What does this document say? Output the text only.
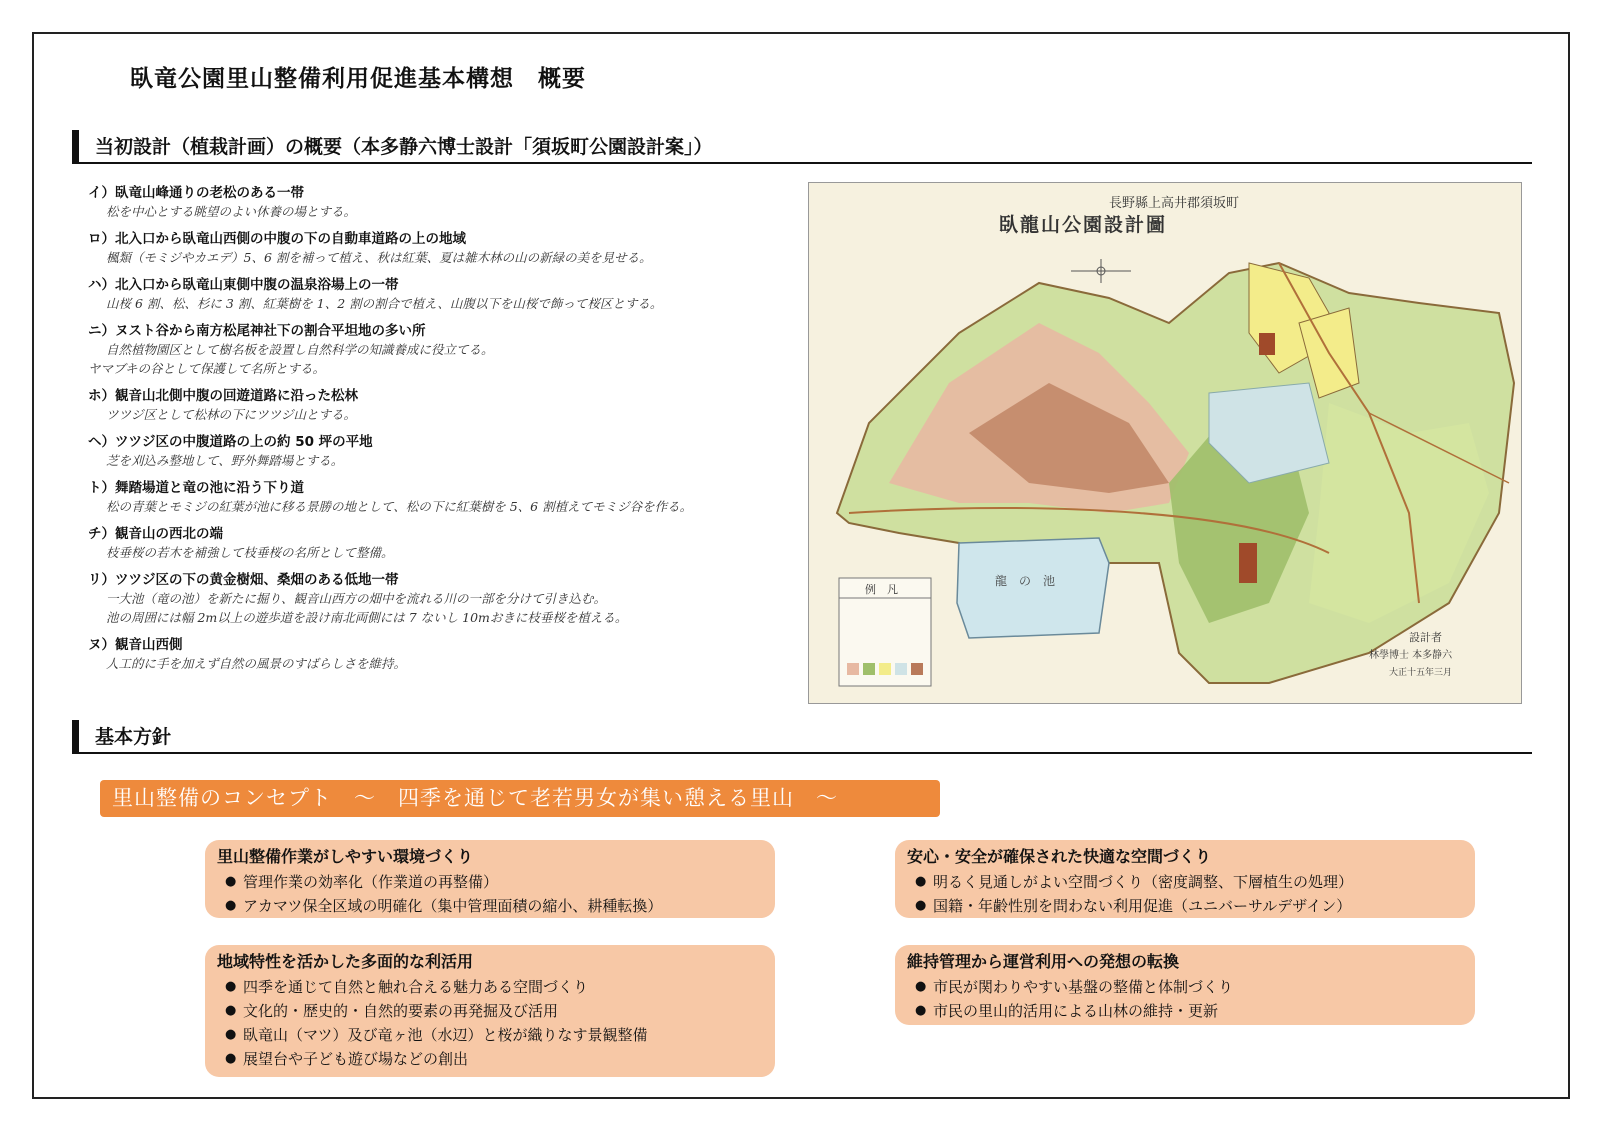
臥竜公園里山整備利用促進基本構想　概要
当初設計（植栽計画）の概要（本多静六博士設計「須坂町公園設計案」）
イ）臥竜山峰通りの老松のある一帯
松を中心とする眺望のよい休養の場とする。
ロ）北入口から臥竜山西側の中腹の下の自動車道路の上の地域
楓類（モミジやカエデ）5、6 割を補って植え、秋は紅葉、夏は雑木林の山の新緑の美を見せる。
ハ）北入口から臥竜山東側中腹の温泉浴場上の一帯
山桜 6 割、松、杉に 3 割、紅葉樹を 1、2 割の割合で植え、山腹以下を山桜で飾って桜区とする。
ニ）ヌスト谷から南方松尾神社下の割合平坦地の多い所
自然植物園区として樹名板を設置し自然科学の知識養成に役立てる。
ヤマブキの谷として保護して名所とする。
ホ）観音山北側中腹の回遊道路に沿った松林
ツツジ区として松林の下にツツジ山とする。
ヘ）ツツジ区の中腹道路の上の約 50 坪の平地
芝を刈込み整地して、野外舞踏場とする。
ト）舞踏場道と竜の池に沿う下り道
松の青葉とモミジの紅葉が池に移る景勝の地として、松の下に紅葉樹を 5、6 割植えてモミジ谷を作る。
チ）観音山の西北の端
枝垂桜の若木を補強して枝垂桜の名所として整備。
リ）ツツジ区の下の黄金樹畑、桑畑のある低地一帯
一大池（竜の池）を新たに掘り、観音山西方の畑中を流れる川の一部を分けて引き込む。
池の周囲には幅 2m以上の遊歩道を設け南北両側には 7 ないし 10mおきに枝垂桜を植える。
ヌ）観音山西側
人工的に手を加えず自然の風景のすばらしさを維持。
長野縣上高井郡須坂町
臥龍山公園設計圖
龍　の　池
例　凡
設計者
林學博士 本多静六
大正十五年三月
基本方針
里山整備のコンセプト　～　四季を通じて老若男女が集い憩える里山　～
里山整備作業がしやすい環境づくり
● 管理作業の効率化（作業道の再整備）
● アカマツ保全区域の明確化（集中管理面積の縮小、耕種転換）
地域特性を活かした多面的な利活用
● 四季を通じて自然と触れ合える魅力ある空間づくり
● 文化的・歴史的・自然的要素の再発掘及び活用
● 臥竜山（マツ）及び竜ヶ池（水辺）と桜が織りなす景観整備
● 展望台や子ども遊び場などの創出
安心・安全が確保された快適な空間づくり
● 明るく見通しがよい空間づくり（密度調整、下層植生の処理）
● 国籍・年齢性別を問わない利用促進（ユニバーサルデザイン）
維持管理から運営利用への発想の転換
● 市民が関わりやすい基盤の整備と体制づくり
● 市民の里山的活用による山林の維持・更新
